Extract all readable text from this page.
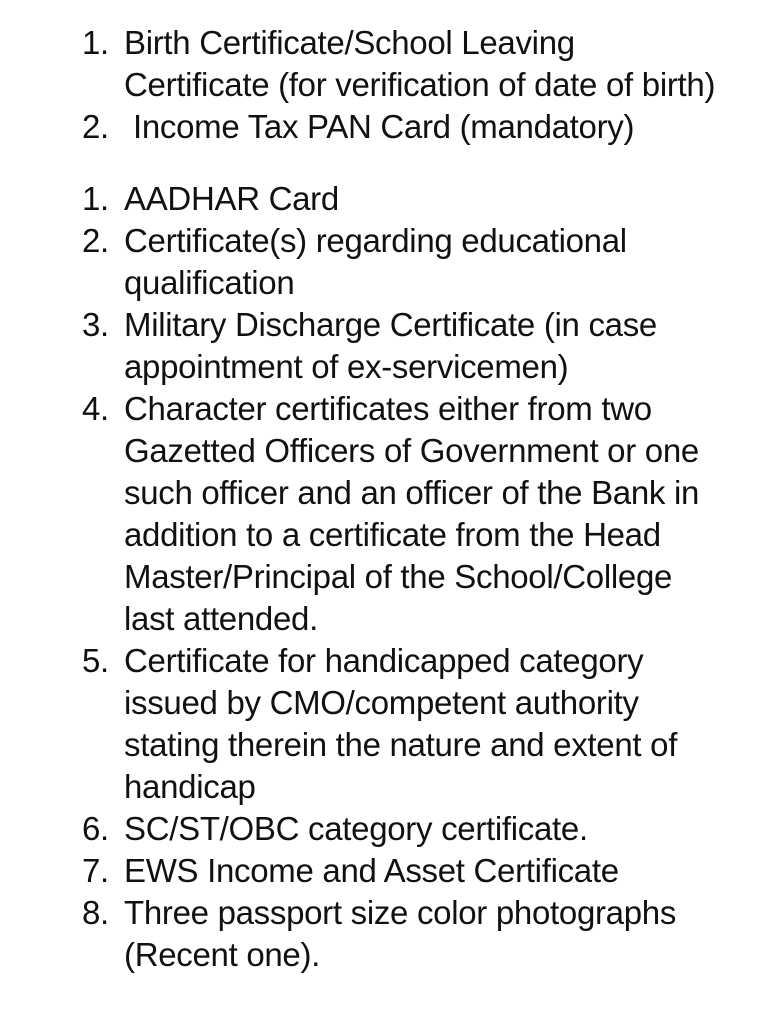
1. Birth Certificate/School Leaving Certificate (for verification of date of birth)
2. Income Tax PAN Card (mandatory)
1. AADHAR Card
2. Certificate(s) regarding educational qualification
3. Military Discharge Certificate (in case appointment of ex-servicemen)
4. Character certificates either from two Gazetted Officers of Government or one such officer and an officer of the Bank in addition to a certificate from the Head Master/Principal of the School/College last attended.
5. Certificate for handicapped category issued by CMO/competent authority stating therein the nature and extent of handicap
6. SC/ST/OBC category certificate.
7. EWS Income and Asset Certificate
8. Three passport size color photographs (Recent one).
